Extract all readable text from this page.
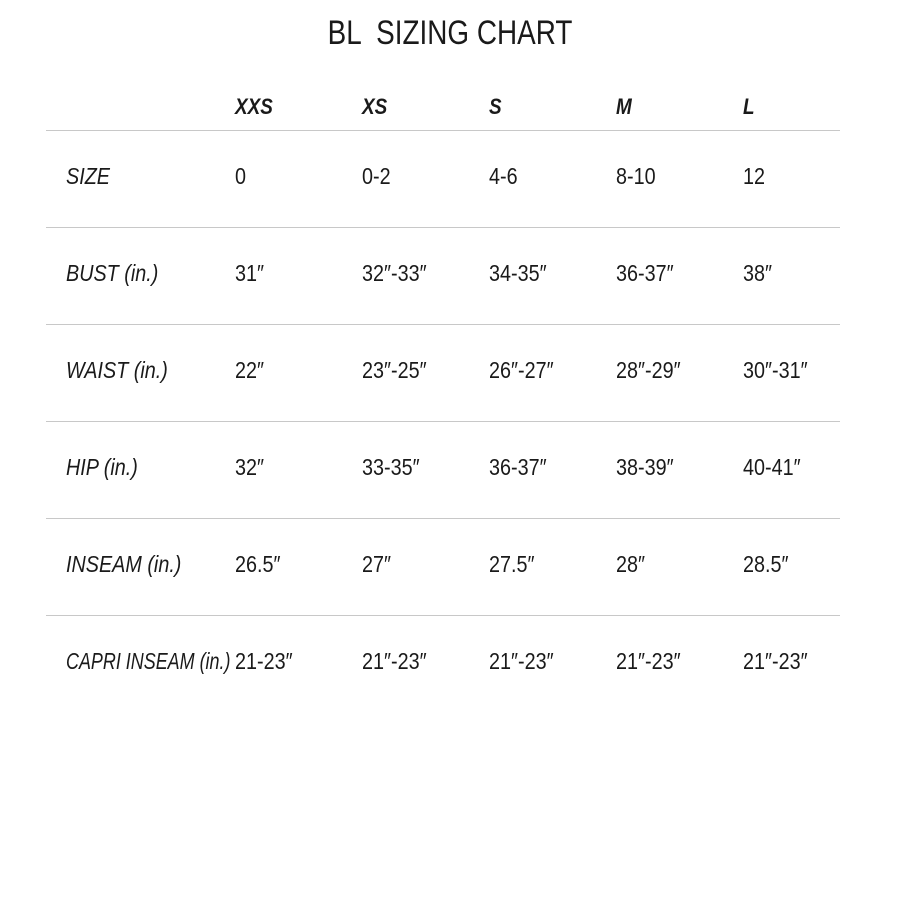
BL  SIZING CHART
XXS	XS	S	M	L
SIZE	0	0-2	4-6	8-10	12
BUST (in.)	31″	32″-33″	34-35″	36-37″	38″
WAIST (in.)	22″	23″-25″	26″-27″	28″-29″	30″-31″
HIP (in.)	32″	33-35″	36-37″	38-39″	40-41″
INSEAM (in.) 26.5″	27″	27.5″	28″	28.5″
CAPRI INSEAM (in.) 21-23″	21″-23″	21″-23″	21″-23″	21″-23″
